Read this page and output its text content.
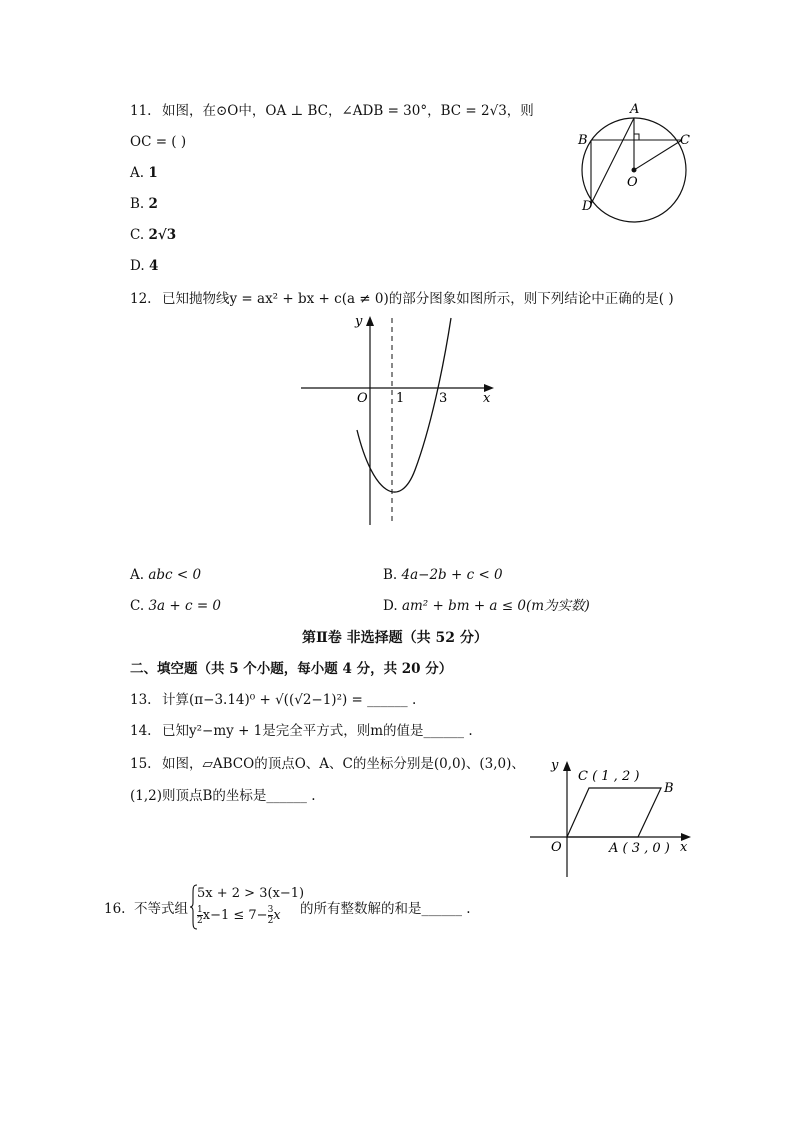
11. 如图，在⊙O中，OA ⊥ BC，∠ADB = 30°，BC = 2√3，则
OC = ( )
A. 1
B. 2
C. 2√3
D. 4
A
B	C
D
O
12. 已知抛物线y = ax² + bx + c(a ≠ 0)的部分图象如图所示，则下列结论中正确的是( )
y
x
O 1	3
A. abc < 0	B. 4a−2b + c < 0
C. 3a + c = 0	D. am² + bm + a ≤ 0(m为实数)
第Ⅱ卷 非选择题（共 52 分）
二、填空题（共 5 个小题，每小题 4 分，共 20 分）
13. 计算(π−3.14)⁰ + √((√2−1)²) = ______ .
14. 已知y²−my + 1是完全平方式，则m的值是______ .
15. 如图，▱ABCO的顶点O、A、C的坐标分别是(0,0)、(3,0)、
(1,2)则顶点B的坐标是______ .
y
x
O
C ( 1 , 2 )
B
A ( 3 , 0 )
16. 不等式组
5x + 2 > 3(x−1)
$\frac{1}{2} x-1 \le 7- \frac{3}{2}$ x 的所有整数解的和是______ .
